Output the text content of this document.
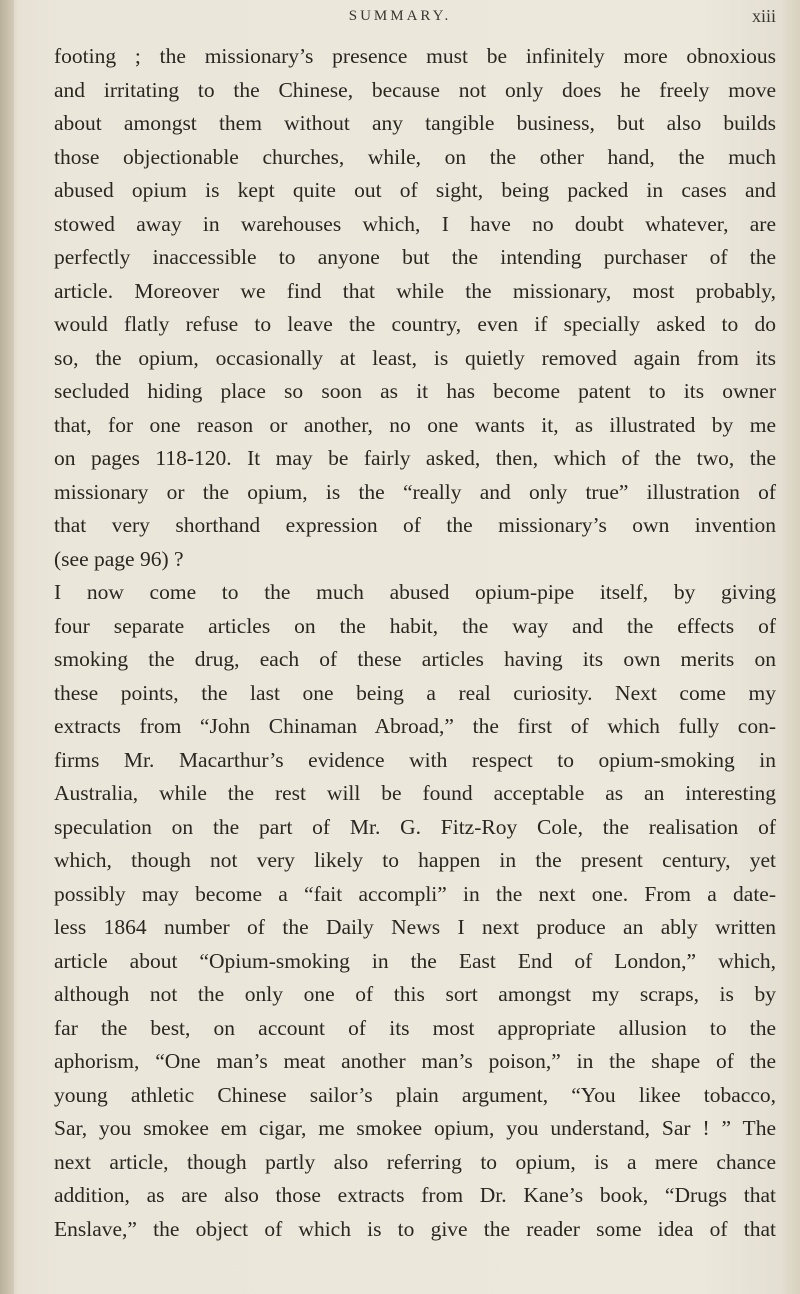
SUMMARY.	xiii
footing ; the missionary’s presence must be infinitely more obnoxious
and irritating to the Chinese, because not only does he freely move
about amongst them without any tangible business, but also builds
those objectionable churches, while, on the other hand, the much
abused opium is kept quite out of sight, being packed in cases and
stowed away in warehouses which, I have no doubt whatever, are
perfectly inaccessible to anyone but the intending purchaser of the
article. Moreover we find that while the missionary, most probably,
would flatly refuse to leave the country, even if specially asked to do
so, the opium, occasionally at least, is quietly removed again from its
secluded hiding place so soon as it has become patent to its owner
that, for one reason or another, no one wants it, as illustrated by me
on pages 118-120. It may be fairly asked, then, which of the two, the
missionary or the opium, is the “really and only true” illustration of
that very shorthand expression of the missionary’s own invention
(see page 96) ?
I now come to the much abused opium-pipe itself, by giving
four separate articles on the habit, the way and the effects of
smoking the drug, each of these articles having its own merits on
these points, the last one being a real curiosity. Next come my
extracts from “John Chinaman Abroad,” the first of which fully con-
firms Mr. Macarthur’s evidence with respect to opium-smoking in
Australia, while the rest will be found acceptable as an interesting
speculation on the part of Mr. G. Fitz-Roy Cole, the realisation of
which, though not very likely to happen in the present century, yet
possibly may become a “fait accompli” in the next one. From a date-
less 1864 number of the Daily News I next produce an ably written
article about “Opium-smoking in the East End of London,” which,
although not the only one of this sort amongst my scraps, is by
far the best, on account of its most appropriate allusion to the
aphorism, “One man’s meat another man’s poison,” in the shape of the
young athletic Chinese sailor’s plain argument, “You likee tobacco,
Sar, you smokee em cigar, me smokee opium, you understand, Sar ! ” The
next article, though partly also referring to opium, is a mere chance
addition, as are also those extracts from Dr. Kane’s book, “Drugs that
Enslave,” the object of which is to give the reader some idea of that
